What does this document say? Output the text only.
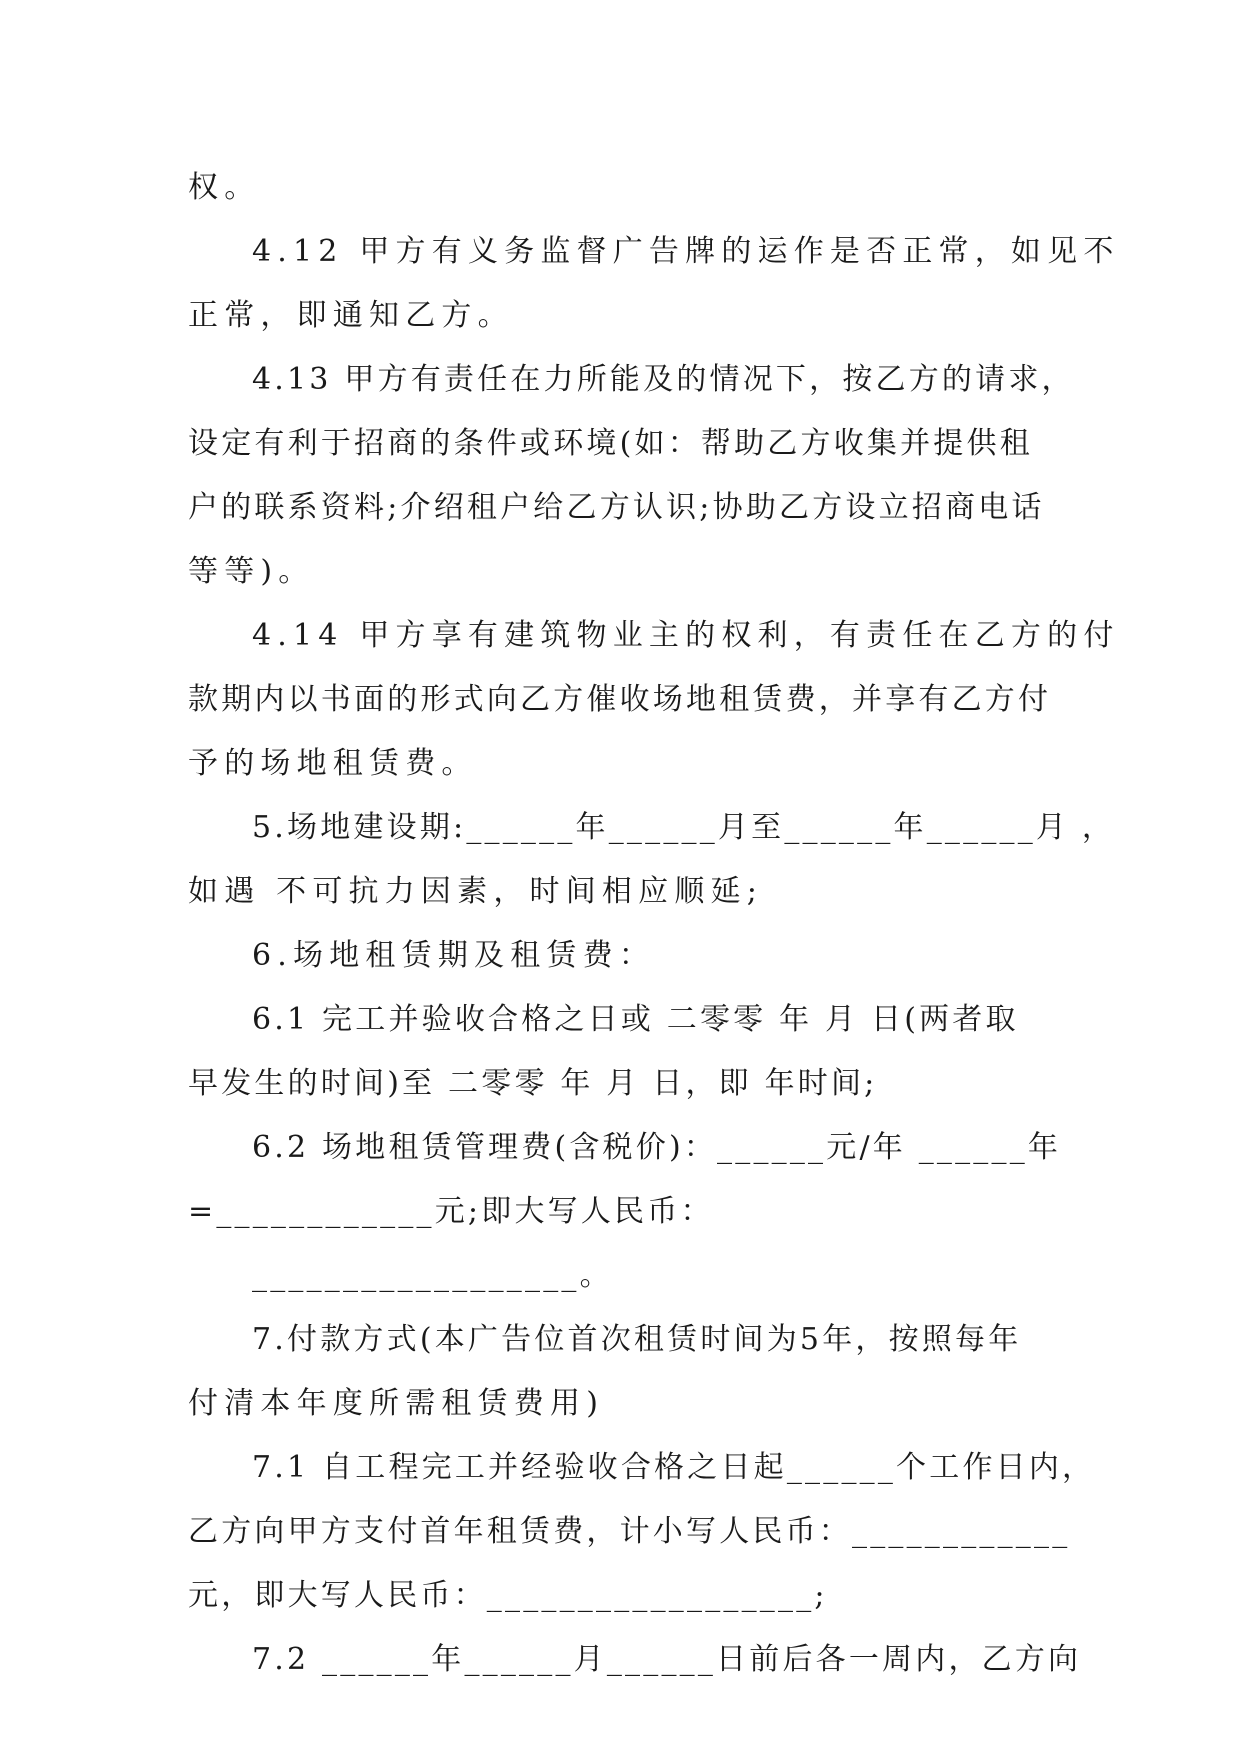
权。
4.12 甲方有义务监督广告牌的运作是否正常，如见不
正常，即通知乙方。
4.13 甲方有责任在力所能及的情况下，按乙方的请求，
设定有利于招商的条件或环境(如：帮助乙方收集并提供租
户的联系资料;介绍租户给乙方认识;协助乙方设立招商电话
等等)。
4.14 甲方享有建筑物业主的权利，有责任在乙方的付
款期内以书面的形式向乙方催收场地租赁费，并享有乙方付
予的场地租赁费。
5.场地建设期:______年______月至______年______月 ，
如遇 不可抗力因素，时间相应顺延;
6.场地租赁期及租赁费：
6.1 完工并验收合格之日或 二零零 年 月 日(两者取
早发生的时间)至 二零零 年 月 日，即 年时间;
6.2 场地租赁管理费(含税价)：______元/年 ______年
=____________元;即大写人民币：
__________________。
7.付款方式(本广告位首次租赁时间为5年，按照每年
付清本年度所需租赁费用)
7.1 自工程完工并经验收合格之日起______个工作日内，
乙方向甲方支付首年租赁费，计小写人民币：____________
元，即大写人民币：__________________;
7.2 ______年______月______日前后各一周内，乙方向
